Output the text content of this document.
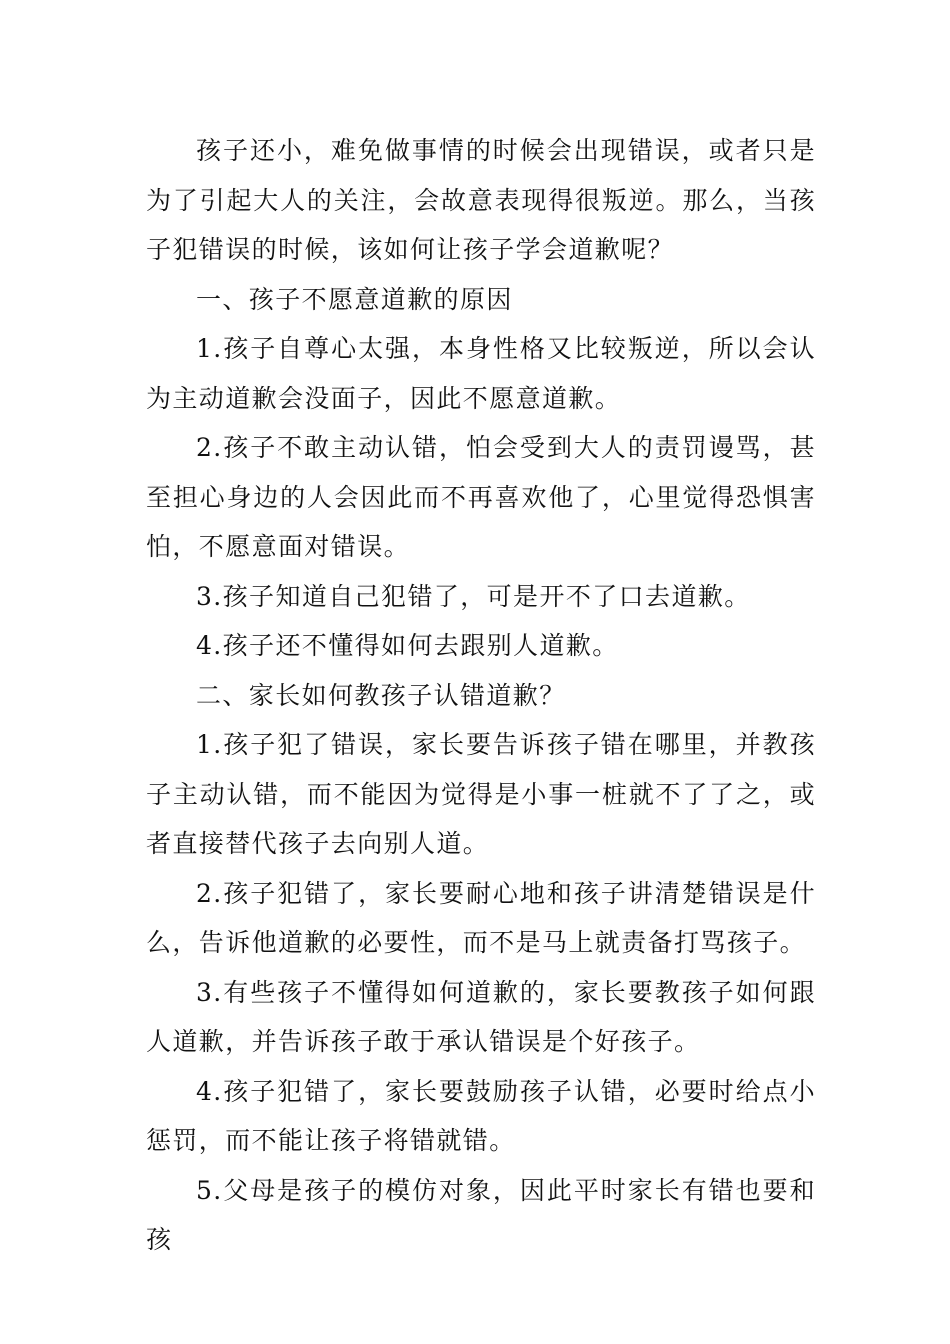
孩子还小，难免做事情的时候会出现错误，或者只是为了引起大人的关注，会故意表现得很叛逆。那么，当孩子犯错误的时候，该如何让孩子学会道歉呢？

一、孩子不愿意道歉的原因

1.孩子自尊心太强，本身性格又比较叛逆，所以会认为主动道歉会没面子，因此不愿意道歉。

2.孩子不敢主动认错，怕会受到大人的责罚谩骂，甚至担心身边的人会因此而不再喜欢他了，心里觉得恐惧害怕，不愿意面对错误。

3.孩子知道自己犯错了，可是开不了口去道歉。

4.孩子还不懂得如何去跟别人道歉。

二、家长如何教孩子认错道歉？

1.孩子犯了错误，家长要告诉孩子错在哪里，并教孩子主动认错，而不能因为觉得是小事一桩就不了了之，或者直接替代孩子去向别人道。

2.孩子犯错了，家长要耐心地和孩子讲清楚错误是什么，告诉他道歉的必要性，而不是马上就责备打骂孩子。

3.有些孩子不懂得如何道歉的，家长要教孩子如何跟人道歉，并告诉孩子敢于承认错误是个好孩子。

4.孩子犯错了，家长要鼓励孩子认错，必要时给点小惩罚，而不能让孩子将错就错。

5.父母是孩子的模仿对象，因此平时家长有错也要和孩
